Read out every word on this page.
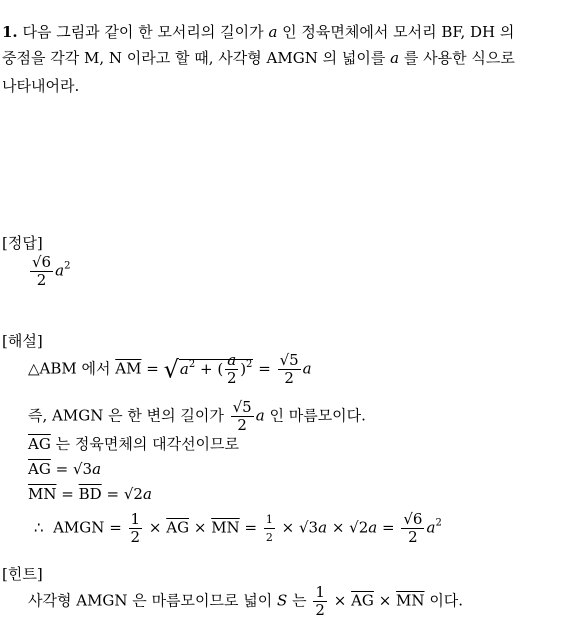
1. 다음 그림과 같이 한 모서리의 길이가 a 인 정육면체에서 모서리 BF, DH 의
중점을 각각 M, N 이라고 할 때, 사각형 AMGN 의 넓이를 a 를 사용한 식으로
나타내어라.
[정답]
$\frac{√6}{2} a^2$
[해설]
△ABM 에서 $\overline{AM} = √a^2$ + ( $\frac{a}{2} )^2 = \frac{√5}{2}$ a
즉, AMGN 은 한 변의 길이가 $\frac{√5}{2}$ a 인 마름모이다.
$\overline{AG}$ 는 정육면체의 대각선이므로
$\overline{AG} = √3a$
$\overline{MN} = \overline{BD} = √2a$
∴ AMGN = $\frac{1}{2} \times \overline{AG} \times \overline{MN} = \frac{1}{2} \times √3a \times √2a = \frac{√6}{2} a^2$
[힌트]
사각형 AMGN 은 마름모이므로 넓이 S 는 $\frac{1}{2} \times \overline{AG} \times \overline{MN}$ 이다.
